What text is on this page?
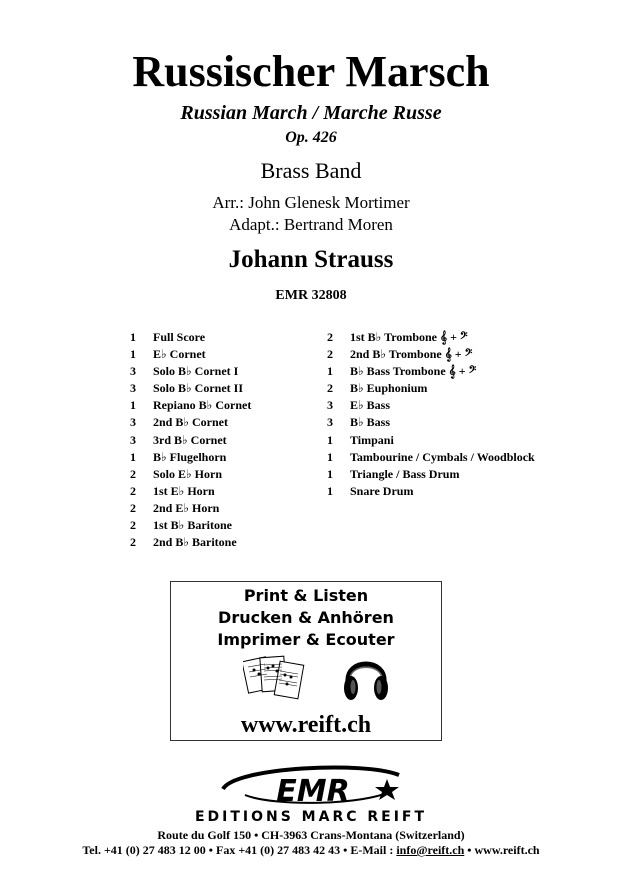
Russischer Marsch
Russian March / Marche Russe
Op. 426
Brass Band
Arr.: John Glenesk Mortimer
Adapt.: Bertrand Moren
Johann Strauss
EMR 32808
1	Full Score
1	E♭ Cornet
3	Solo B♭ Cornet I
3	Solo B♭ Cornet II
1	Repiano B♭ Cornet
3	2nd B♭ Cornet
3	3rd B♭ Cornet
1	B♭ Flugelhorn
2	Solo E♭ Horn
2	1st E♭ Horn
2	2nd E♭ Horn
2	1st B♭ Baritone
2	2nd B♭ Baritone
2	1st B♭ Trombone 𝄞 + 𝄢
2	2nd B♭ Trombone 𝄞 + 𝄢
1	B♭ Bass Trombone 𝄞 + 𝄢
2	B♭ Euphonium
3	E♭ Bass
3	B♭ Bass
1	Timpani
1	Tambourine / Cymbals / Woodblock
1	Triangle / Bass Drum
1	Snare Drum
Print & Listen
Drucken & Anhören
Imprimer & Ecouter
www.reift.ch
EMR
EDITIONS MARC REIFT
Route du Golf 150 • CH-3963 Crans-Montana (Switzerland)
Tel. +41 (0) 27 483 12 00 • Fax +41 (0) 27 483 42 43 • E-Mail : info@reift.ch • www.reift.ch
